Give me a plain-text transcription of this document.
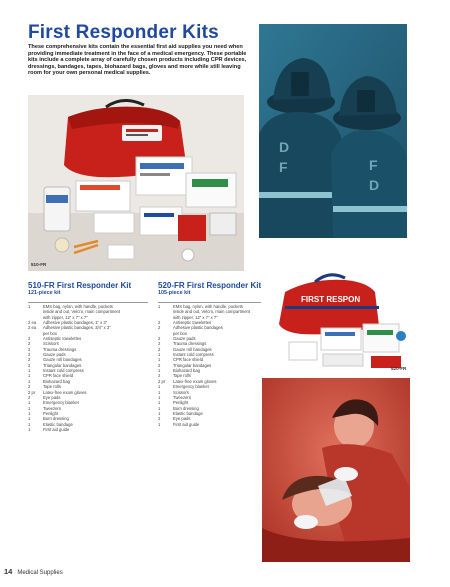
First Responder Kits

These comprehensive kits contain the essential first aid supplies you need when providing immediate treatment in the face of a medical emergency. These portable kits include a complete array of carefully chosen products including CPR devices, dressings, bandages, tapes, biohazard bags, gloves and more while still leaving room for your own personal medical supplies.

510-FR
D
F	F
D
510-FR First Responder Kit
121-piece kit

1	EMS bag, nylon, with handle, pockets
inside and out, Velcro, main compartment
with zipper, 12" x 7" x 7"
2 ea	Adhesive plastic bandages, 1" x 3"
2 ea	Adhesive plastic bandages, 3/4" x 3"
per box
2	Antiseptic towelettes
2	Scissors
2	Trauma dressings
2	Gauze pads
2	Gauze roll bandages
2	Triangular bandages
1	Instant cold compress
1	CPR face shield
1	Biohazard bag
2	Tape rolls
2 pr	Latex-free exam gloves
2	Eye pads
1	Emergency blanket
1	Tweezers
1	Penlight
1	Burn dressing
1	Elastic bandage
1	First aid guide
520-FR First Responder Kit
105-piece kit

1	EMS bag, nylon, with handle, pockets
inside and out, Velcro, main compartment
with zipper, 12" x 7" x 7"
2	Antiseptic towelettes
2	Adhesive plastic bandages
per box
2	Gauze pads
2	Trauma dressings
2	Gauze roll bandages
1	Instant cold compress
1	CPR face shield
2	Triangular bandages
1	Biohazard bag
2	Tape rolls
2 pr	Latex-free exam gloves
1	Emergency blanket
1	Scissors
1	Tweezers
1	Penlight
1	Burn dressing
1	Elastic bandage
2	Eye pads
1	First aid guide
FIRST RESPON
520-FR
14 Medical Supplies
